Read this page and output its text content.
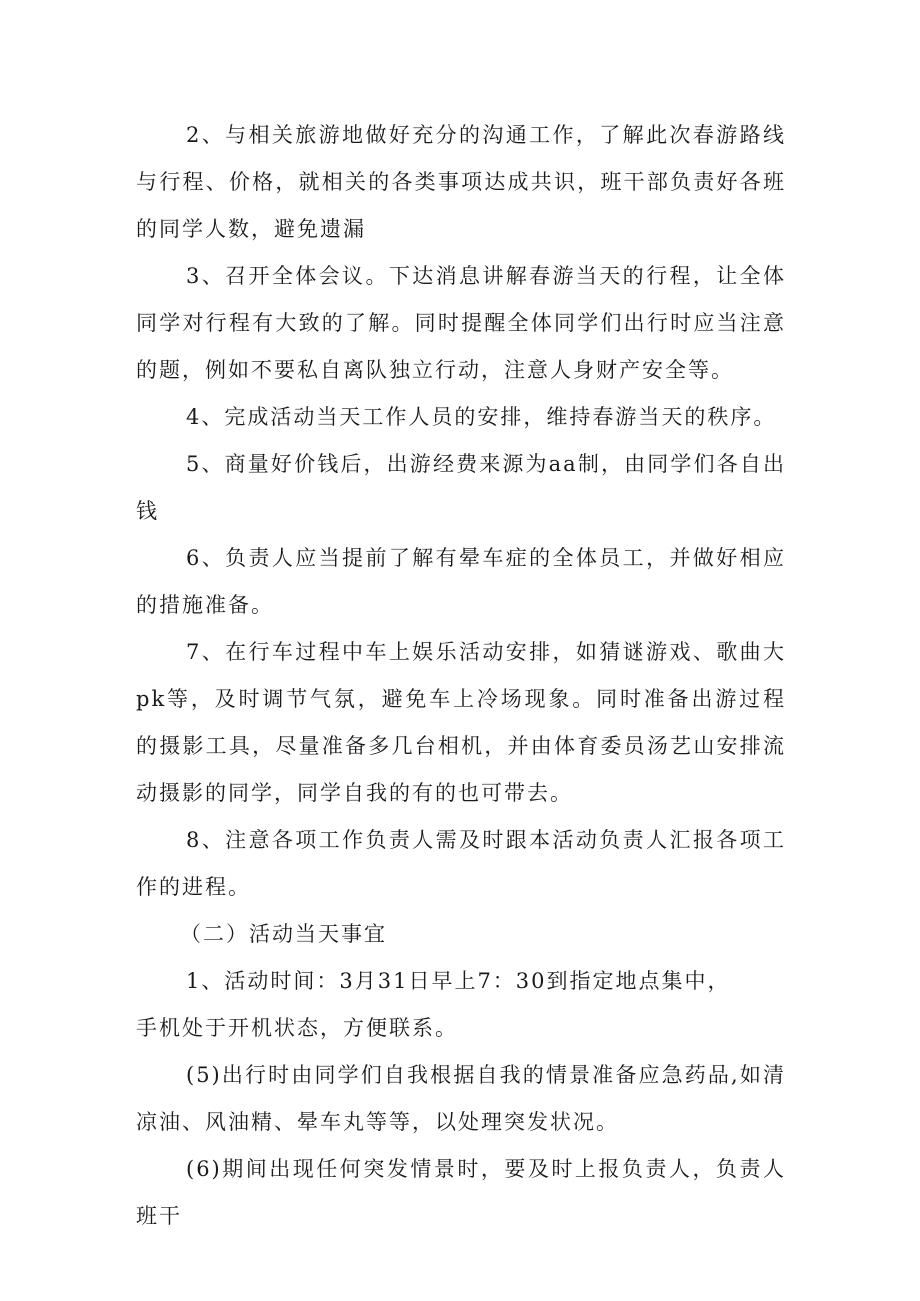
2、与相关旅游地做好充分的沟通工作，了解此次春游路线与行程、价格，就相关的各类事项达成共识，班干部负责好各班的同学人数，避免遗漏

3、召开全体会议。下达消息讲解春游当天的行程，让全体同学对行程有大致的了解。同时提醒全体同学们出行时应当注意的题，例如不要私自离队独立行动，注意人身财产安全等。

4、完成活动当天工作人员的安排，维持春游当天的秩序。

5、商量好价钱后，出游经费来源为aa制，由同学们各自出钱

6、负责人应当提前了解有晕车症的全体员工，并做好相应的措施准备。

7、在行车过程中车上娱乐活动安排，如猜谜游戏、歌曲大pk等，及时调节气氛，避免车上冷场现象。同时准备出游过程的摄影工具，尽量准备多几台相机，并由体育委员汤艺山安排流动摄影的同学，同学自我的有的也可带去。

8、注意各项工作负责人需及时跟本活动负责人汇报各项工作的进程。

（二）活动当天事宜

1、活动时间：3月31日早上7：30到指定地点集中，

手机处于开机状态，方便联系。

(5)出行时由同学们自我根据自我的情景准备应急药品,如清凉油、风油精、晕车丸等等，以处理突发状况。

(6)期间出现任何突发情景时，要及时上报负责人，负责人班干
